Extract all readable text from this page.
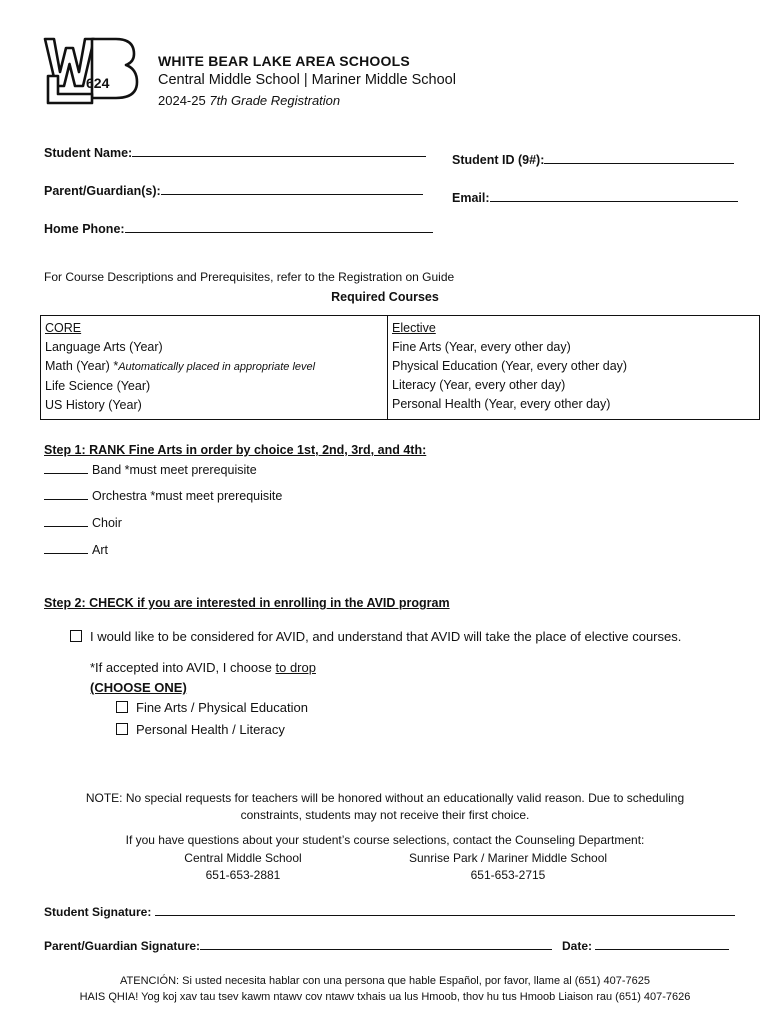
624
WHITE BEAR LAKE AREA SCHOOLS
Central Middle School | Mariner Middle School
2024-25 7th Grade Registration
Student Name:	Student ID (9#):
Parent/Guardian(s):	Email:
Home Phone:
For Course Descriptions and Prerequisites, refer to the Registration on Guide
Required Courses
CORE
Language Arts (Year)
Math (Year) *Automatically placed in appropriate level
Life Science (Year)
US History (Year)

Elective
Fine Arts (Year, every other day)
Physical Education (Year, every other day)
Literacy (Year, every other day)
Personal Health (Year, every other day)
Step 1: RANK Fine Arts in order by choice 1st, 2nd, 3rd, and 4th:
Band *must meet prerequisite
Orchestra *must meet prerequisite
Choir
Art
Step 2: CHECK if you are interested in enrolling in the AVID program
I would like to be considered for AVID, and understand that AVID will take the place of elective courses.
*If accepted into AVID, I choose to drop
(CHOOSE ONE)
Fine Arts / Physical Education
Personal Health / Literacy
NOTE: No special requests for teachers will be honored without an educationally valid reason. Due to scheduling
constraints, students may not receive their first choice.
If you have questions about your student’s course selections, contact the Counseling Department:
Central Middle School
651-653-2881
Sunrise Park / Mariner Middle School
651-653-2715
Student Signature:
Parent/Guardian Signature:	Date:
ATENCIÓN: Si usted necesita hablar con una persona que hable Español, por favor, llame al (651) 407-7625
HAIS QHIA! Yog koj xav tau tsev kawm ntawv cov ntawv txhais ua lus Hmoob, thov hu tus Hmoob Liaison rau (651) 407-7626
